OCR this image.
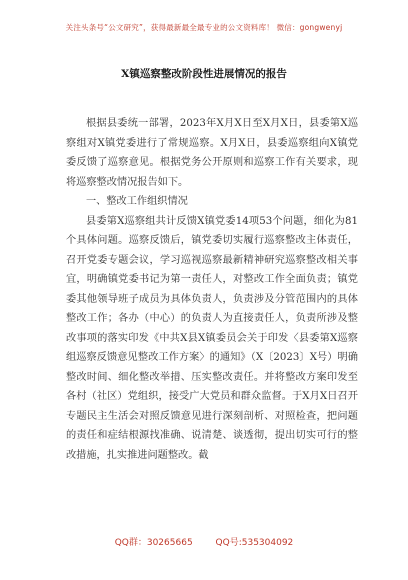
关注头条号“公文研究”，获得最新最全最专业的公文资料库！ 微信：gongwenyj
X镇巡察整改阶段性进展情况的报告

根据县委统一部署，2023年X月X日至X月X日，县委第X巡察组对X镇党委进行了常规巡察。X月X日，县委巡察组向X镇党委反馈了巡察意见。根据党务公开原则和巡察工作有关要求，现将巡察整改情况报告如下。

一、整改工作组织情况

县委第X巡察组共计反馈X镇党委14项53个问题，细化为81个具体问题。巡察反馈后，镇党委切实履行巡察整改主体责任，召开党委专题会议，学习巡视巡察最新精神研究巡察整改相关事宜，明确镇党委书记为第一责任人，对整改工作全面负责；镇党委其他领导班子成员为具体负责人，负责涉及分管范围内的具体整改工作；各办（中心）的负责人为直接责任人，负责所涉及整改事项的落实印发《中共X县X镇委员会关于印发〈县委第X巡察组巡察反馈意见整改工作方案〉的通知》（X〔2023〕X号）明确整改时间、细化整改举措、压实整改责任。并将整改方案印发至各村（社区）党组织，接受广大党员和群众监督。于X月X日召开专题民主生活会对照反馈意见进行深刻剖析、对照检查，把问题的责任和症结根源找准确、说清楚、谈透彻，提出切实可行的整改措施，扎实推进问题整改。截

QQ群：30265665	QQ号:535304092
